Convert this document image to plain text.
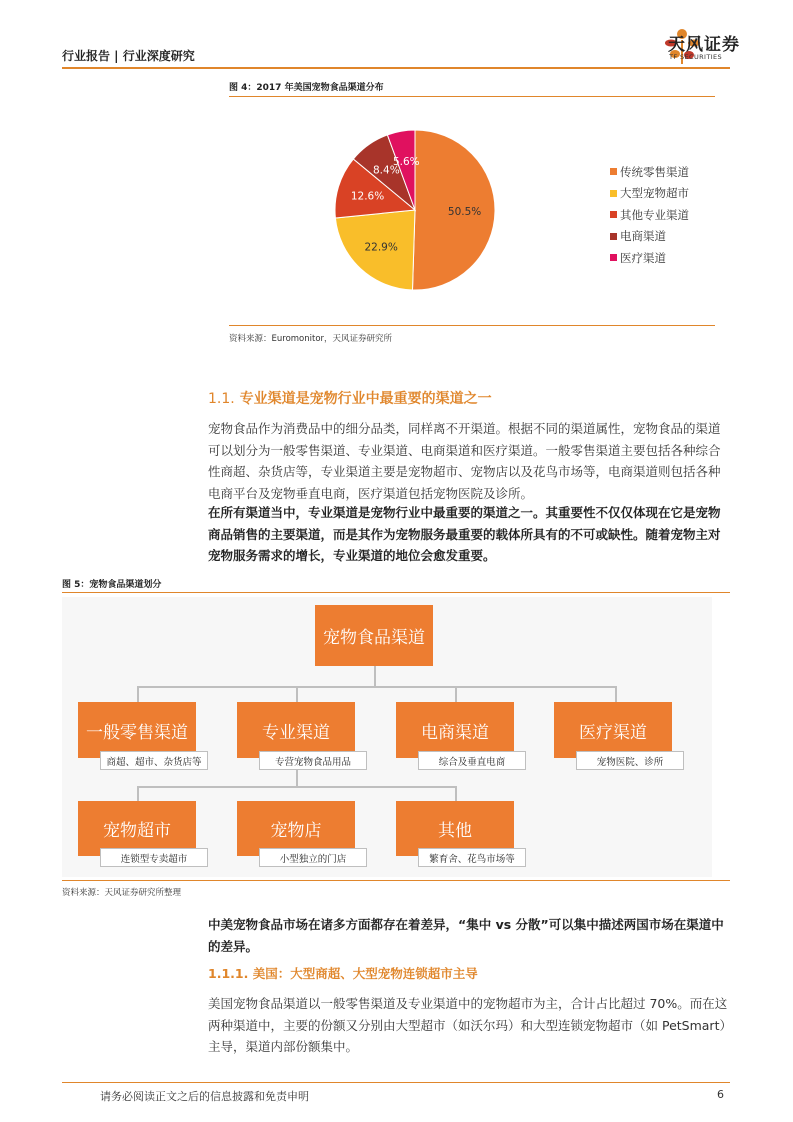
行业报告 | 行业深度研究
天风证券
TF SECURITIES
图 4：2017 年美国宠物食品渠道分布
50.5%
22.9%
12.6%
8.4%
5.6%
传统零售渠道
大型宠物超市
其他专业渠道
电商渠道
医疗渠道
资料来源：Euromonitor，天风证券研究所
1.1. 专业渠道是宠物行业中最重要的渠道之一
宠物食品作为消费品中的细分品类，同样离不开渠道。根据不同的渠道属性，宠物食品的渠道可以划分为一般零售渠道、专业渠道、电商渠道和医疗渠道。一般零售渠道主要包括各种综合性商超、杂货店等，专业渠道主要是宠物超市、宠物店以及花鸟市场等，电商渠道则包括各种电商平台及宠物垂直电商，医疗渠道包括宠物医院及诊所。
在所有渠道当中，专业渠道是宠物行业中最重要的渠道之一。其重要性不仅仅体现在它是宠物商品销售的主要渠道，而是其作为宠物服务最重要的载体所具有的不可或缺性。随着宠物主对宠物服务需求的增长，专业渠道的地位会愈发重要。
图 5：宠物食品渠道划分
宠物食品渠道
一般零售渠道
商超、超市、杂货店等
专业渠道
专营宠物食品用品
电商渠道
综合及垂直电商
医疗渠道
宠物医院、诊所
宠物超市
连锁型专卖超市
宠物店
小型独立的门店
其他
繁育舍、花鸟市场等
资料来源：天风证券研究所整理
中美宠物食品市场在诸多方面都存在着差异，“集中 vs 分散”可以集中描述两国市场在渠道中的差异。
1.1.1. 美国：大型商超、大型宠物连锁超市主导
美国宠物食品渠道以一般零售渠道及专业渠道中的宠物超市为主，合计占比超过 70%。而在这两种渠道中，主要的份额又分别由大型超市（如沃尔玛）和大型连锁宠物超市（如 PetSmart）主导，渠道内部份额集中。
请务必阅读正文之后的信息披露和免责申明	6
